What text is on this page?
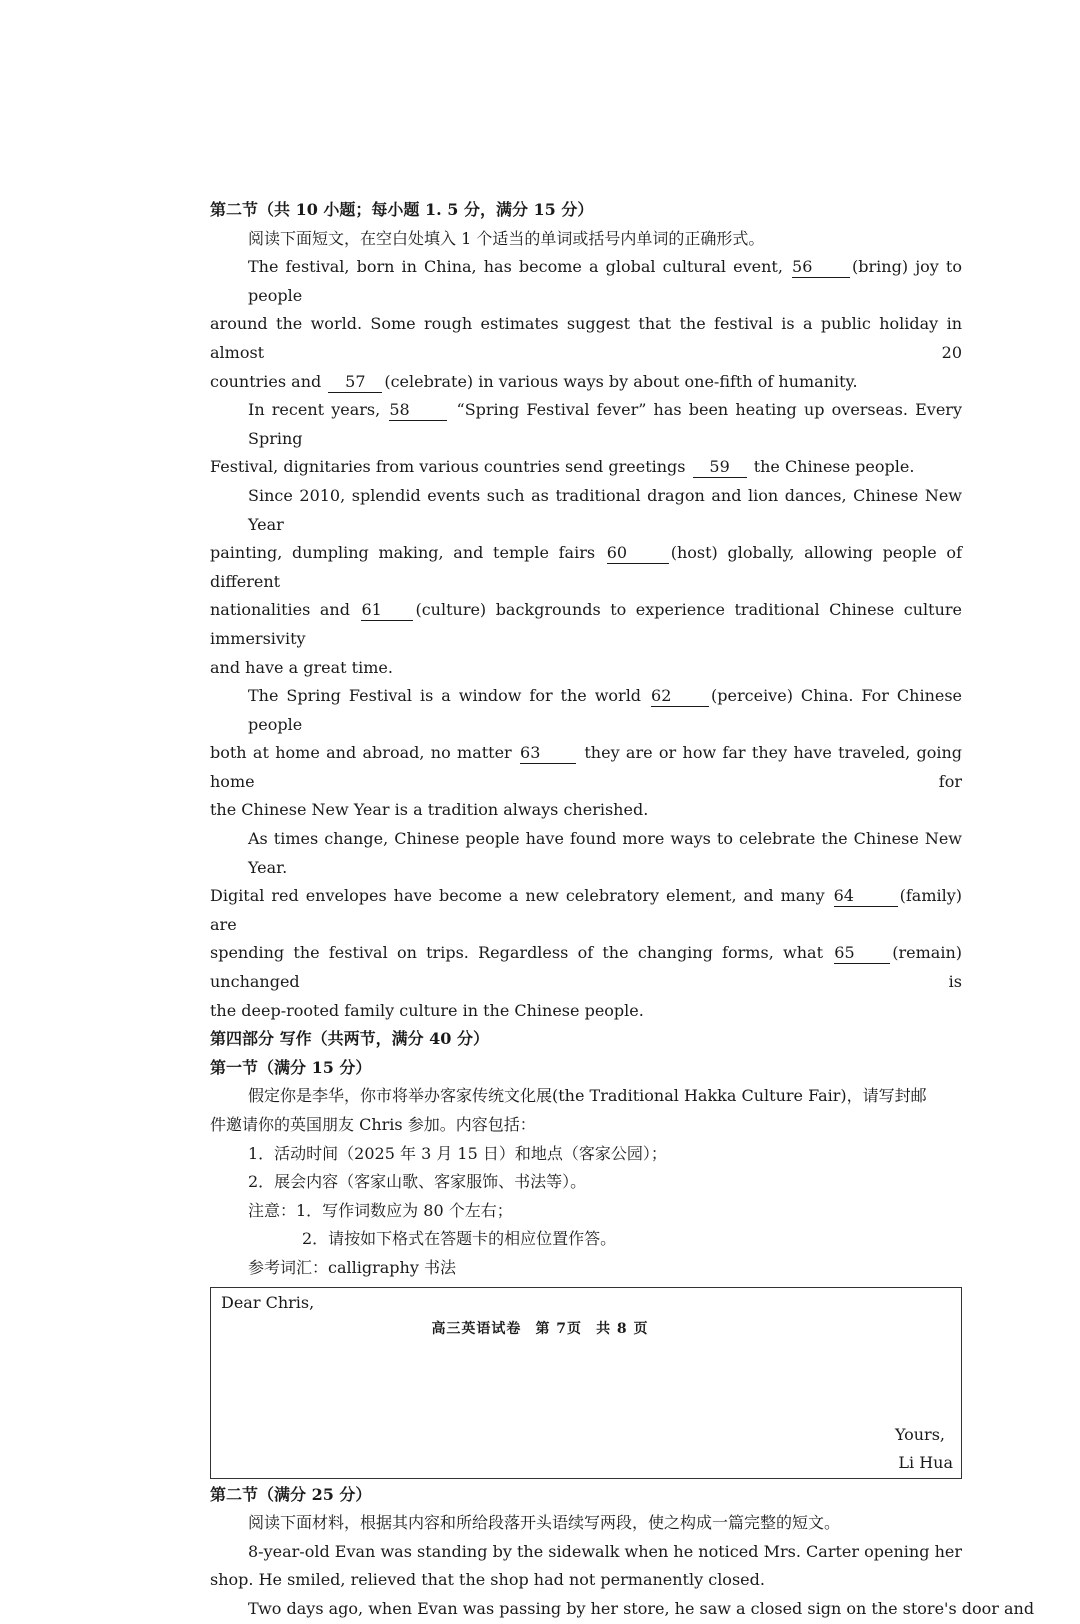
第二节（共 10 小题；每小题 1. 5 分，满分 15 分）
阅读下面短文，在空白处填入 1 个适当的单词或括号内单词的正确形式。
The festival, born in China, has become a global cultural event, 56 (bring) joy to people
around the world. Some rough estimates suggest that the festival is a public holiday in almost 20
countries and 57 (celebrate) in various ways by about one-fifth of humanity.
In recent years, 58	“Spring Festival fever” has been heating up overseas. Every Spring
Festival, dignitaries from various countries send greetings 59 the Chinese people.
Since 2010, splendid events such as traditional dragon and lion dances, Chinese New Year
painting, dumpling making, and temple fairs 60	(host) globally, allowing people of different
nationalities and 61 (culture) backgrounds to experience traditional Chinese culture immersivity
and have a great time.
The Spring Festival is a window for the world 62 (perceive) China. For Chinese people
both at home and abroad, no matter 63	they are or how far they have traveled, going home for
the Chinese New Year is a tradition always cherished.
As times change, Chinese people have found more ways to celebrate the Chinese New Year.
Digital red envelopes have become a new celebratory element, and many 64	(family) are
spending the festival on trips. Regardless of the changing forms, what 65 (remain) unchanged is
the deep-rooted family culture in the Chinese people.
第四部分 写作（共两节，满分 40 分）
第一节（满分 15 分）
假定你是李华，你市将举办客家传统文化展(the Traditional Hakka Culture Fair)，请写封邮
件邀请你的英国朋友 Chris 参加。内容包括：
1．活动时间（2025 年 3 月 15 日）和地点（客家公园）；
2．展会内容（客家山歌、客家服饰、书法等）。
注意：1．写作词数应为 80 个左右；
2．请按如下格式在答题卡的相应位置作答。
参考词汇：calligraphy 书法
Dear Chris,
Yours,
Li Hua
第二节（满分 25 分）
阅读下面材料，根据其内容和所给段落开头语续写两段，使之构成一篇完整的短文。
8-year-old Evan was standing by the sidewalk when he noticed Mrs. Carter opening her
shop. He smiled, relieved that the shop had not permanently closed.
Two days ago, when Evan was passing by her store, he saw a closed sign on the store's door and
高三英语试卷 第 7页 共 8 页
